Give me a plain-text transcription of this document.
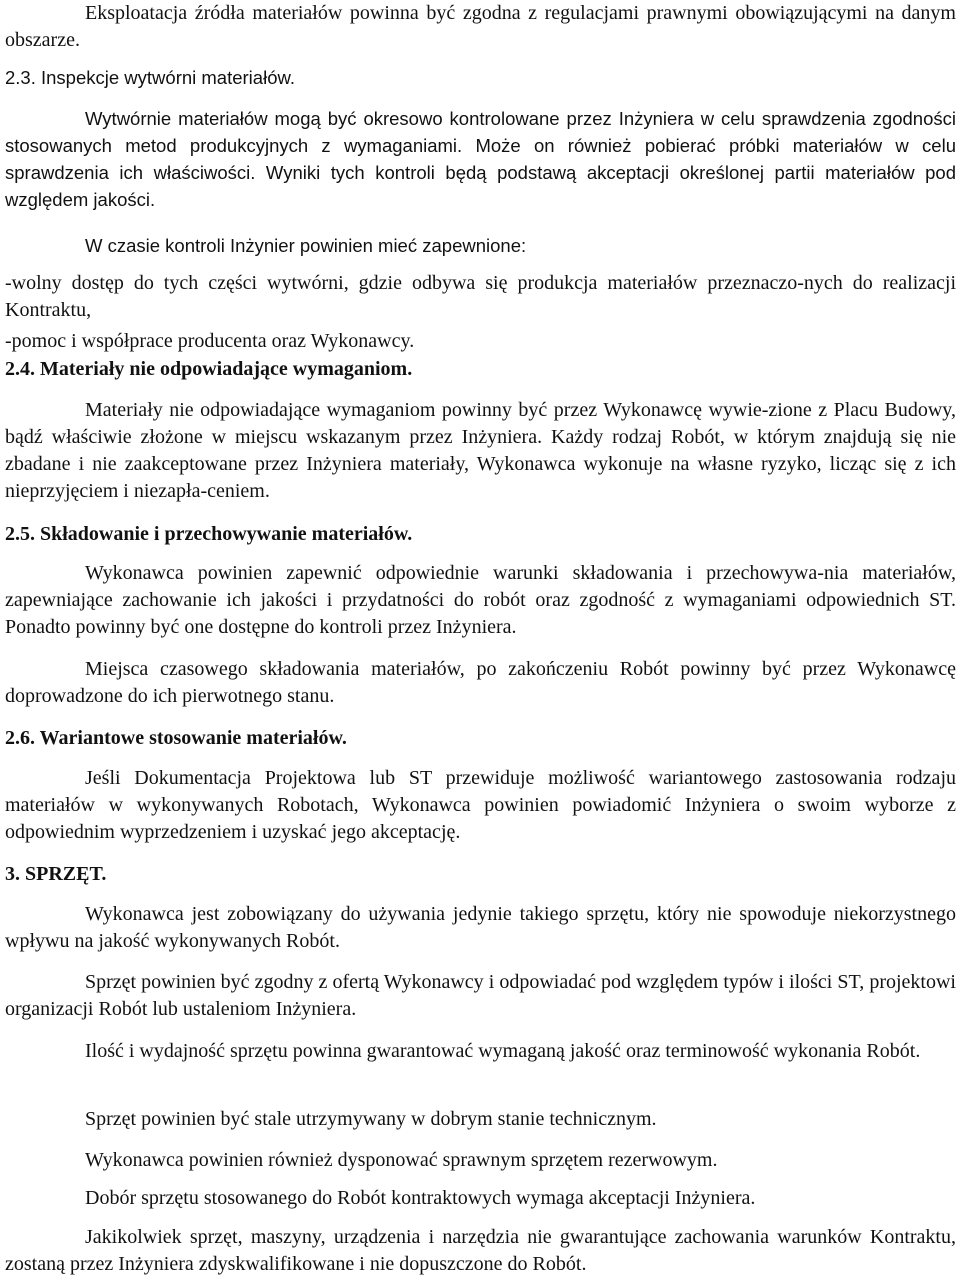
Eksploatacja źródła materiałów powinna być zgodna z regulacjami prawnymi obowiązującymi na danym obszarze.

2.3. Inspekcje wytwórni materiałów.

Wytwórnie materiałów mogą być okresowo kontrolowane przez Inżyniera w celu sprawdzenia zgodności stosowanych metod produkcyjnych z wymaganiami. Może on również pobierać próbki materiałów w celu sprawdzenia ich właściwości. Wyniki tych kontroli będą podstawą akceptacji określonej partii materiałów pod względem jakości.

W czasie kontroli Inżynier powinien mieć zapewnione:

-wolny dostęp do tych części wytwórni, gdzie odbywa się produkcja materiałów przeznaczo-nych do realizacji Kontraktu,

-pomoc i współprace producenta oraz Wykonawcy.

2.4. Materiały nie odpowiadające wymaganiom.

Materiały nie odpowiadające wymaganiom powinny być przez Wykonawcę wywie-zione z Placu Budowy, bądź właściwie złożone w miejscu wskazanym przez Inżyniera. Każdy rodzaj Robót, w którym znajdują się nie zbadane i nie zaakceptowane przez Inżyniera materiały, Wykonawca wykonuje na własne ryzyko, licząc się z ich nieprzyjęciem i niezapła-ceniem.

2.5. Składowanie i przechowywanie materiałów.

Wykonawca powinien zapewnić odpowiednie warunki składowania i przechowywa-nia materiałów, zapewniające zachowanie ich jakości i przydatności do robót oraz zgodność z wymaganiami odpowiednich ST. Ponadto powinny być one dostępne do kontroli przez Inżyniera.

Miejsca czasowego składowania materiałów, po zakończeniu Robót powinny być przez Wykonawcę doprowadzone do ich pierwotnego stanu.

2.6. Wariantowe stosowanie materiałów.

Jeśli Dokumentacja Projektowa lub ST przewiduje możliwość wariantowego zastosowania rodzaju materiałów w wykonywanych Robotach, Wykonawca powinien powiadomić Inżyniera o swoim wyborze z odpowiednim wyprzedzeniem i uzyskać jego akceptację.

3. SPRZĘT.

Wykonawca jest zobowiązany do używania jedynie takiego sprzętu, który nie spowoduje niekorzystnego wpływu na jakość wykonywanych Robót.

Sprzęt powinien być zgodny z ofertą Wykonawcy i odpowiadać pod względem typów i ilości ST, projektowi organizacji Robót lub ustaleniom Inżyniera.

Ilość i wydajność sprzętu powinna gwarantować wymaganą jakość oraz terminowość wykonania Robót.

Sprzęt powinien być stale utrzymywany w dobrym stanie technicznym.

Wykonawca powinien również dysponować sprawnym sprzętem rezerwowym.

Dobór sprzętu stosowanego do Robót kontraktowych wymaga akceptacji Inżyniera.

Jakikolwiek sprzęt, maszyny, urządzenia i narzędzia nie gwarantujące zachowania warunków Kontraktu, zostaną przez Inżyniera zdyskwalifikowane i nie dopuszczone do Robót.
